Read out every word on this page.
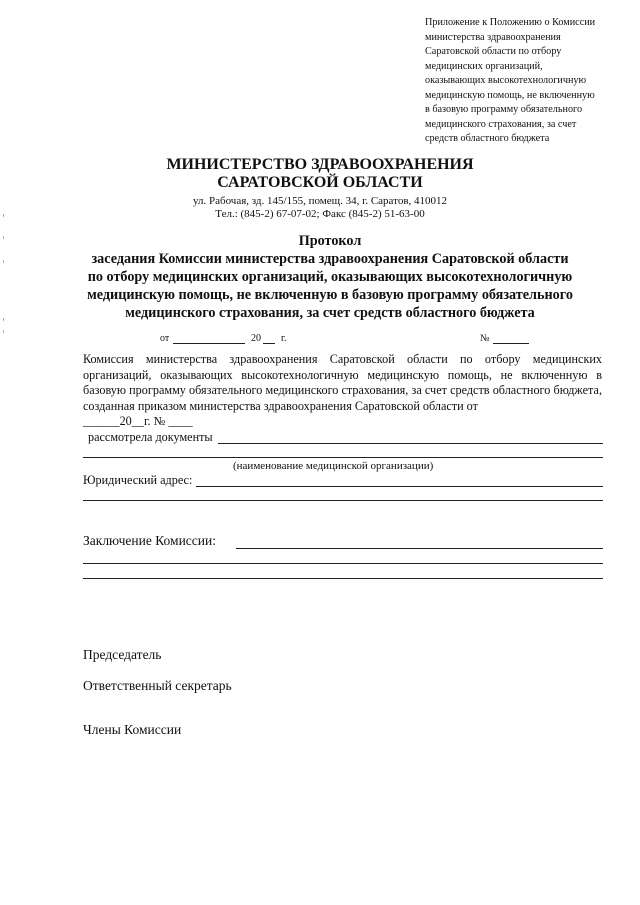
Приложение к Положению о Комиссии
министерства здравоохранения
Саратовской области по отбору
медицинских организаций,
оказывающих высокотехнологичную
медицинскую помощь, не включенную
в базовую программу обязательного
медицинского страхования, за счет
средств областного бюджета
МИНИСТЕРСТВО ЗДРАВООХРАНЕНИЯ
САРАТОВСКОЙ ОБЛАСТИ
ул. Рабочая, зд. 145/155, помещ. 34, г. Саратов, 410012
Тел.: (845-2) 67-07-02; Факс (845-2) 51-63-00
Протокол
заседания Комиссии министерства здравоохранения Саратовской области
по отбору медицинских организаций, оказывающих высокотехнологичную
медицинскую помощь, не включенную в базовую программу обязательного
медицинского страхования, за счет средств областного бюджета
от	20 г.	№
Комиссия министерства здравоохранения Саратовской области по отбору медицинских организаций, оказывающих высокотехнологичную медицинскую помощь, не включенную в базовую программу обязательного медицинского страхования, за счет средств областного бюджета, созданная приказом министерства здравоохранения Саратовской области от
______20__г. № ____
рассмотрела документы
(наименование медицинской организации)
Юридический адрес:
Заключение Комиссии:
Председатель
Ответственный секретарь
Члены Комиссии
